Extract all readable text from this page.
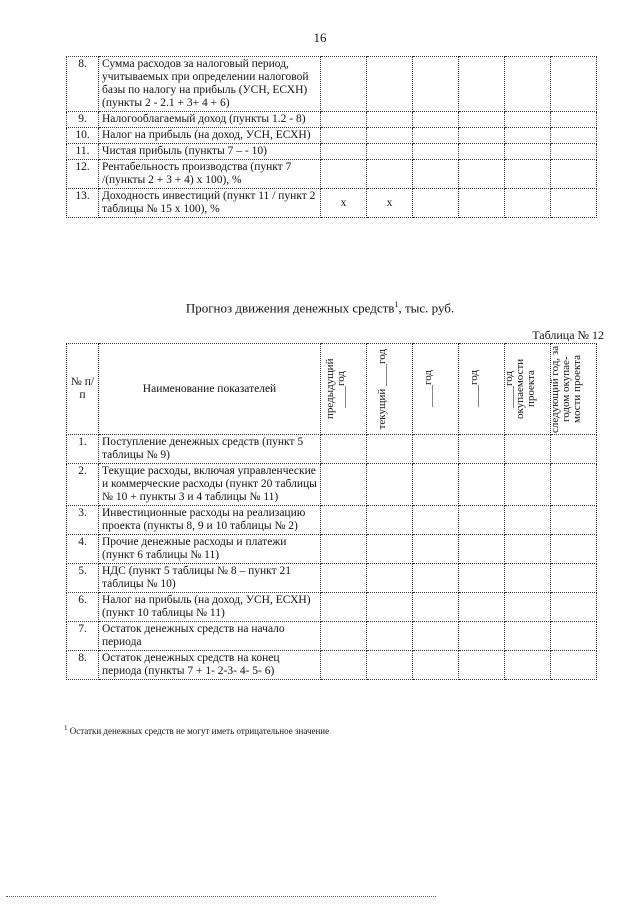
16
8.	Сумма расходов за налоговый период, учитываемых при определении налоговой базы по налогу на прибыль (УСН, ЕСХН) (пункты 2 - 2.1 + 3+ 4 + 6)						
9.	Налогооблагаемый доход (пункты 1.2 - 8)						
10.	Налог на прибыль (на доход, УСН, ЕСХН)						
11.	Чистая прибыль (пункты 7 – - 10)						
12.	Рентабельность производства (пункт 7 /(пункты 2 + 3 + 4) х 100), %						
13.	Доходность инвестиций (пункт 11 / пункт 2 таблицы № 15 х 100), %	х	х				
Прогноз движения денежных средств$^1$, тыс. руб.
Таблица № 12
№ п/п	Наименование показателей	предыдущий ____год	текущий ____год	____год	____год	____год окупаемости проекта	следующий год, за годом окупае- мости проекта

1.	Поступление денежных средств (пункт 5 таблицы № 9)						
2.	Текущие расходы, включая управленческие и коммерческие расходы (пункт 20 таблицы № 10 + пункты 3 и 4 таблицы № 11)						
3.	Инвестиционные расходы на реализацию проекта (пункты 8, 9 и 10 таблицы № 2)						
4.	Прочие денежные расходы и платежи (пункт 6 таблицы № 11)						
5.	НДС (пункт 5 таблицы № 8 – пункт 21 таблицы № 10)						
6.	Налог на прибыль (на доход, УСН, ЕСХН) (пункт 10 таблицы № 11)						
7.	Остаток денежных средств на начало периода						
8.	Остаток денежных средств на конец периода (пункты 7 + 1- 2-3- 4- 5- 6)						
$^1$ Остатки денежных средств не могут иметь отрицательное значение
